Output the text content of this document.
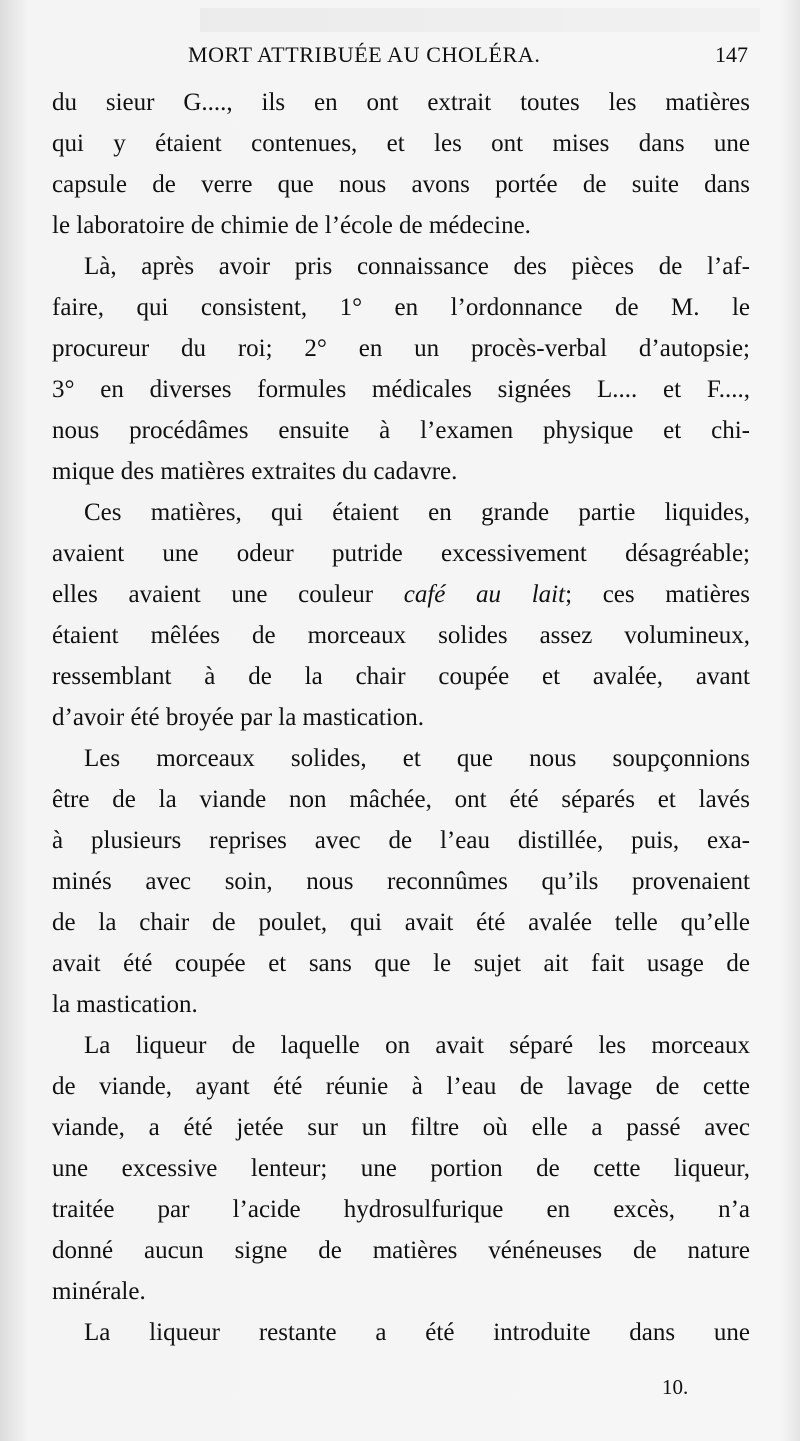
MORT ATTRIBUÉE AU CHOLÉRA.	147
du sieur G...., ils en ont extrait toutes les matières
qui y étaient contenues, et les ont mises dans une
capsule de verre que nous avons portée de suite dans
le laboratoire de chimie de l’école de médecine.
Là, après avoir pris connaissance des pièces de l’af-
faire, qui consistent, 1° en l’ordonnance de M. le
procureur du roi; 2° en un procès-verbal d’autopsie;
3° en diverses formules médicales signées L.... et F....,
nous procédâmes ensuite à l’examen physique et chi-
mique des matières extraites du cadavre.
Ces matières, qui étaient en grande partie liquides,
avaient une odeur putride excessivement désagréable;
elles avaient une couleur café au lait; ces matières
étaient mêlées de morceaux solides assez volumineux,
ressemblant à de la chair coupée et avalée, avant
d’avoir été broyée par la mastication.
Les morceaux solides, et que nous soupçonnions
être de la viande non mâchée, ont été séparés et lavés
à plusieurs reprises avec de l’eau distillée, puis, exa-
minés avec soin, nous reconnûmes qu’ils provenaient
de la chair de poulet, qui avait été avalée telle qu’elle
avait été coupée et sans que le sujet ait fait usage de
la mastication.
La liqueur de laquelle on avait séparé les morceaux
de viande, ayant été réunie à l’eau de lavage de cette
viande, a été jetée sur un filtre où elle a passé avec
une excessive lenteur; une portion de cette liqueur,
traitée par l’acide hydrosulfurique en excès, n’a
donné aucun signe de matières vénéneuses de nature
minérale.
La liqueur restante a été introduite dans une
10.
